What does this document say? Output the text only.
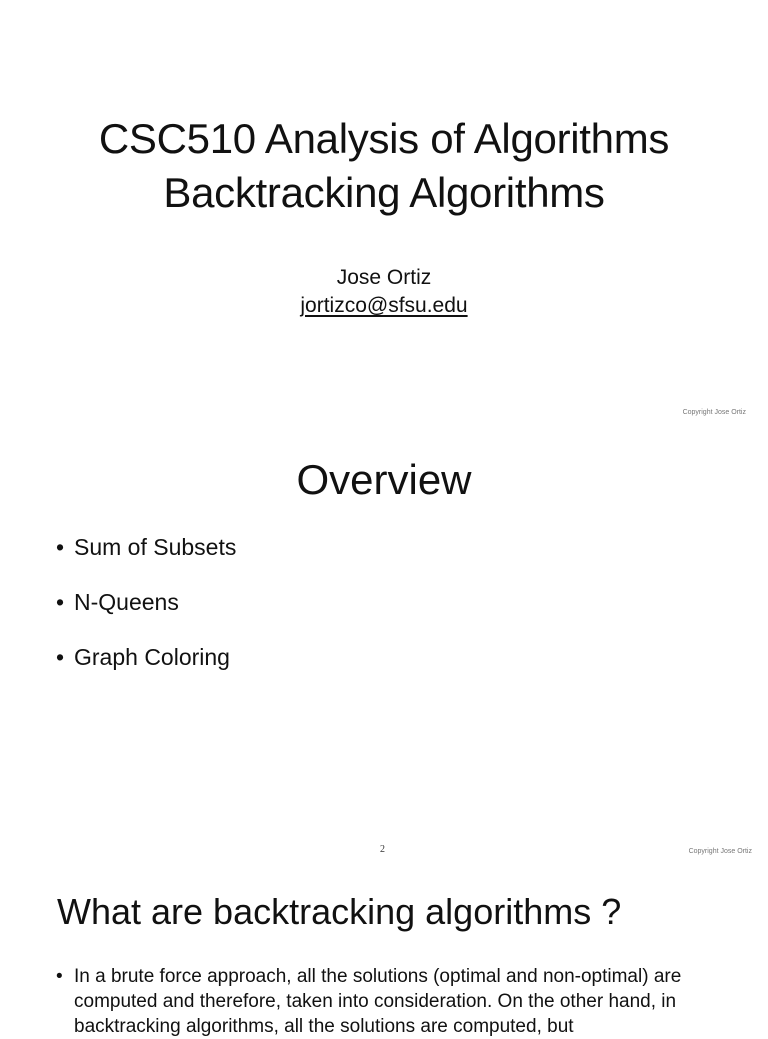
CSC510 Analysis of Algorithms
Backtracking Algorithms
Jose Ortiz
jortizco@sfsu.edu
Copyright Jose Ortiz
Overview
• Sum of Subsets
• N-Queens
• Graph Coloring
2	Copyright Jose Ortiz
What are backtracking algorithms ?
• In a brute force approach, all the solutions (optimal and non-optimal) are computed and therefore, taken into consideration. On the other hand, in backtracking algorithms, all the solutions are computed, but
